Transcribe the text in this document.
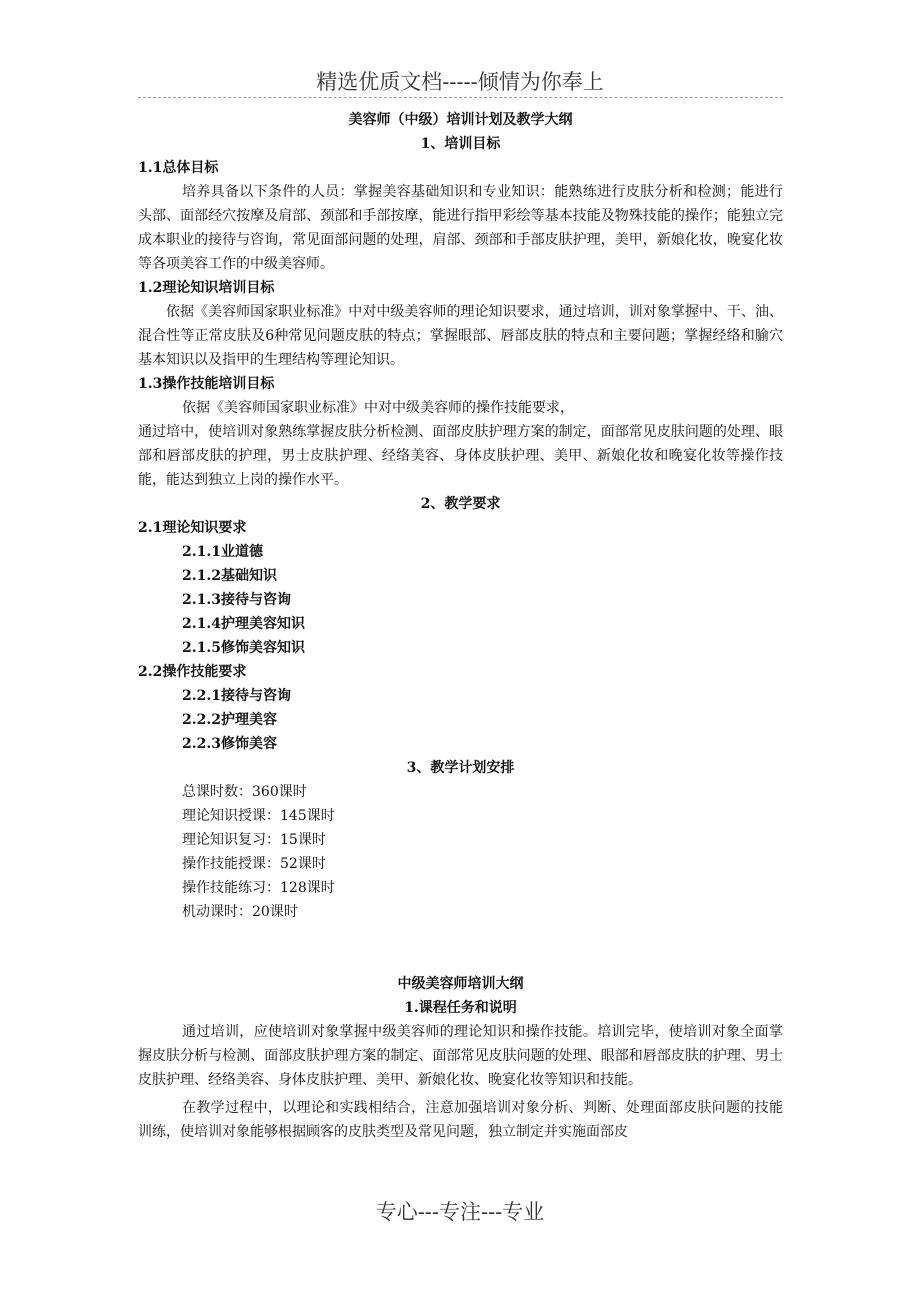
精选优质文档-----倾情为你奉上
美容师（中级）培训计划及教学大纲
1、培训目标
1.1总体目标
培养具备以下条件的人员：掌握美容基础知识和专业知识：能熟练进行皮肤分析和检测；能进行头部、面部经穴按摩及肩部、颈部和手部按摩，能进行指甲彩绘等基本技能及物殊技能的操作；能独立完成本职业的接待与咨询，常见面部问题的处理，肩部、颈部和手部皮肤护理，美甲，新娘化妆，晚宴化妆等各项美容工作的中级美容师。
1.2理论知识培训目标
依据《美容师国家职业标准》中对中级美容师的理论知识要求，通过培训，训对象掌握中、干、油、混合性等正常皮肤及6种常见问题皮肤的特点；掌握眼部、唇部皮肤的特点和主要问题；掌握经络和腧穴基本知识以及指甲的生理结构等理论知识。
1.3操作技能培训目标
依据《美容师国家职业标准》中对中级美容师的操作技能要求，
通过培中，使培训对象熟练掌握皮肤分析检测、面部皮肤护理方案的制定，面部常见皮肤问题的处理、眼部和唇部皮肤的护理，男士皮肤护理、经络美容、身体皮肤护理、美甲、新娘化妆和晚宴化妆等操作技能，能达到独立上岗的操作水平。
2、教学要求
2.1理论知识要求
2.1.1业道德
2.1.2基础知识
2.1.3接待与咨询
2.1.4护理美容知识
2.1.5修饰美容知识
2.2操作技能要求
2.2.1接待与咨询
2.2.2护理美容
2.2.3修饰美容
3、教学计划安排
总课时数：360课时
理论知识授课：145课时
理论知识复习：15课时
操作技能授课：52课时
操作技能练习：128课时
机动课时：20课时
中级美容师培训大纲
1.课程任务和说明
通过培训，应使培训对象掌握中级美容师的理论知识和操作技能。培训完毕，使培训对象全面掌握皮肤分析与检测、面部皮肤护理方案的制定、面部常见皮肤问题的处理、眼部和唇部皮肤的护理、男士皮肤护理、经络美容、身体皮肤护理、美甲、新娘化妆、晚宴化妆等知识和技能。
在教学过程中，以理论和实践相结合，注意加强培训对象分析、判断、处理面部皮肤问题的技能训练，使培训对象能够根据顾客的皮肤类型及常见问题，独立制定并实施面部皮
专心---专注---专业
